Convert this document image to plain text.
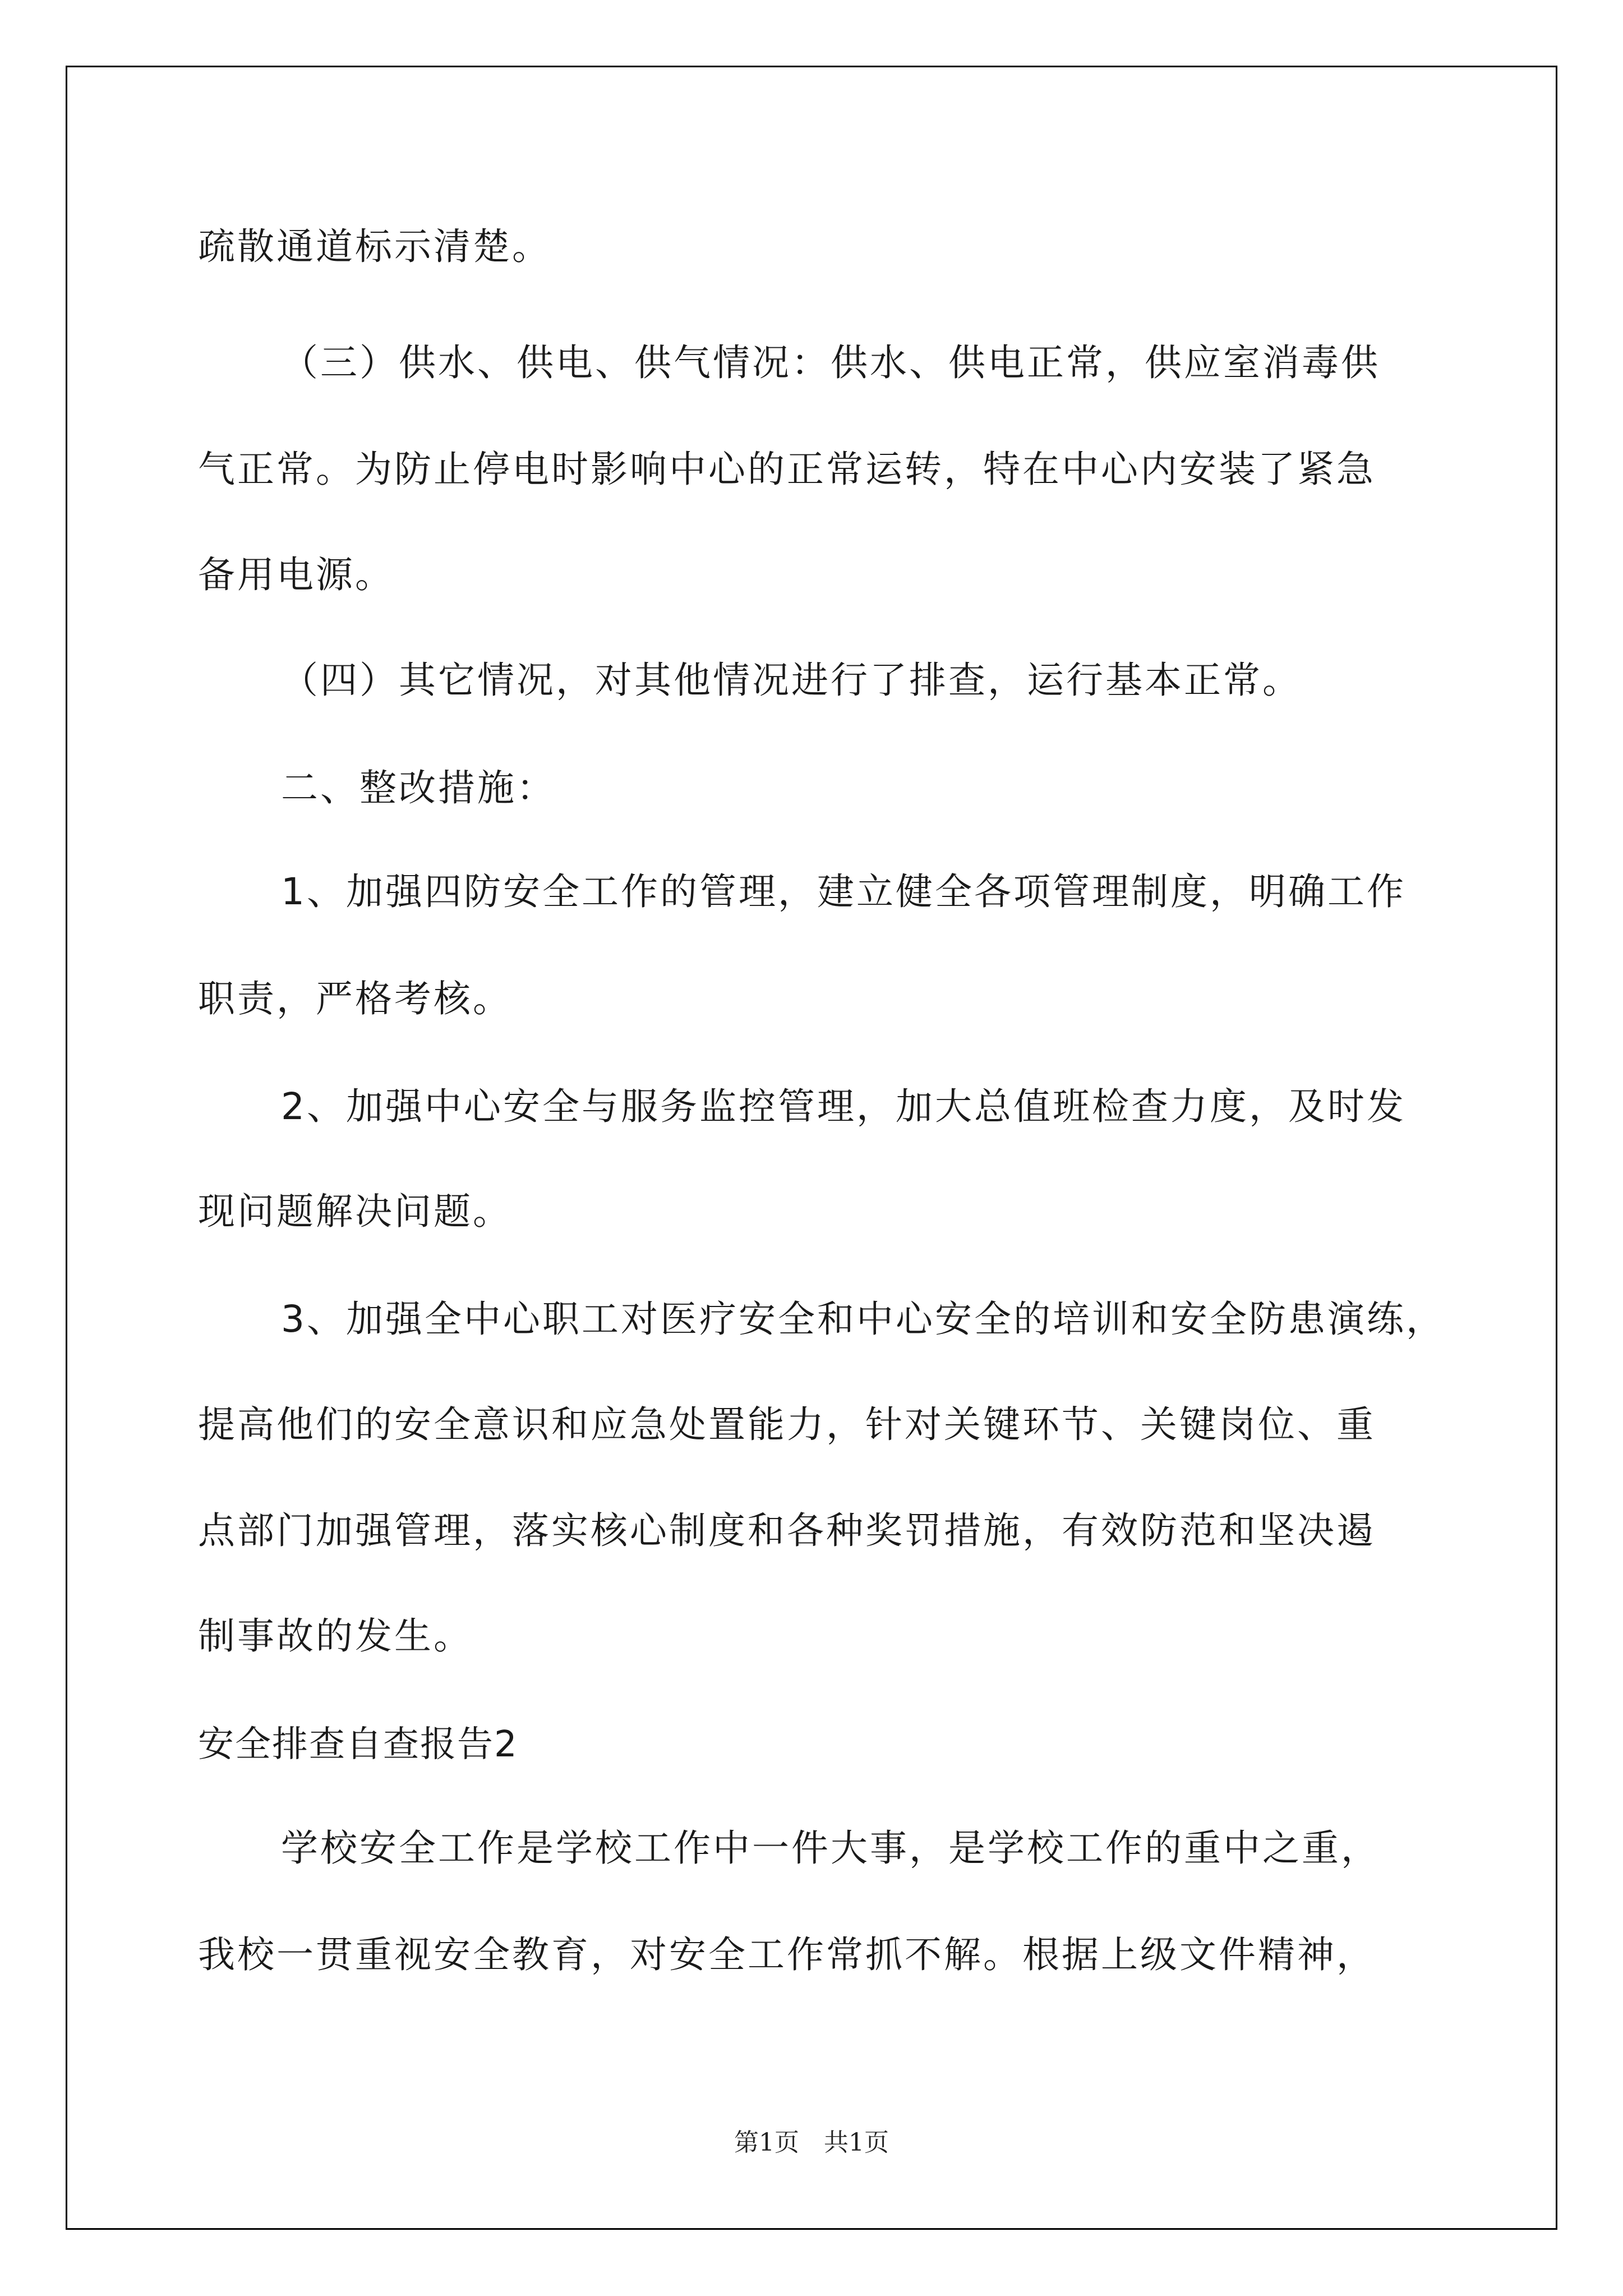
疏散通道标示清楚。
（三）供水、供电、供气情况：供水、供电正常，供应室消毒供
气正常。为防止停电时影响中心的正常运转，特在中心内安装了紧急
备用电源。
（四）其它情况，对其他情况进行了排查，运行基本正常。
二、整改措施：
1、加强四防安全工作的管理，建立健全各项管理制度，明确工作
职责，严格考核。
2、加强中心安全与服务监控管理，加大总值班检查力度，及时发
现问题解决问题。
3、加强全中心职工对医疗安全和中心安全的培训和安全防患演练，
提高他们的安全意识和应急处置能力，针对关键环节、关键岗位、重
点部门加强管理，落实核心制度和各种奖罚措施，有效防范和坚决遏
制事故的发生。
安全排查自查报告2
学校安全工作是学校工作中一件大事，是学校工作的重中之重，
我校一贯重视安全教育，对安全工作常抓不解。根据上级文件精神，
第1页　共1页
